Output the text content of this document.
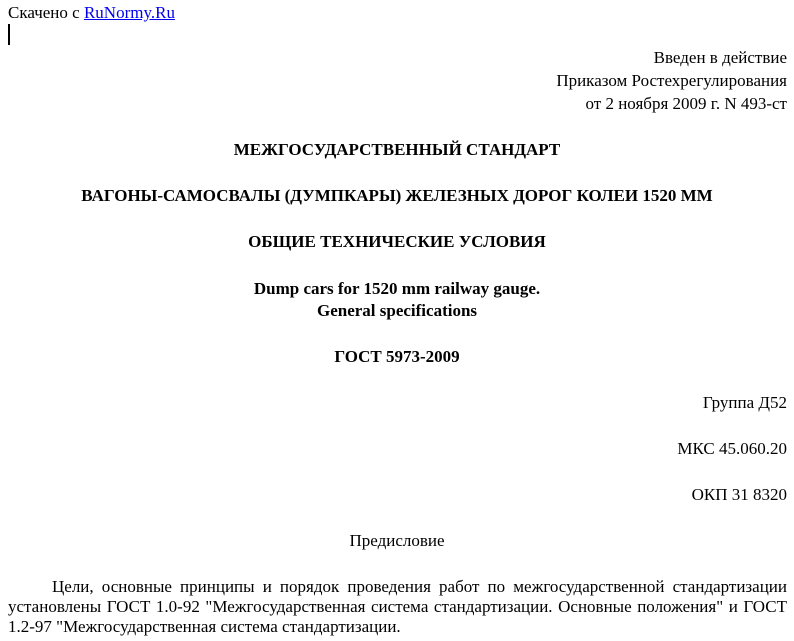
Скачено с RuNormy.Ru
Введен в действие
Приказом Ростехрегулирования
от 2 ноября 2009 г. N 493-ст
МЕЖГОСУДАРСТВЕННЫЙ СТАНДАРТ
ВАГОНЫ-САМОСВАЛЫ (ДУМПКАРЫ) ЖЕЛЕЗНЫХ ДОРОГ КОЛЕИ 1520 ММ
ОБЩИЕ ТЕХНИЧЕСКИЕ УСЛОВИЯ
Dump cars for 1520 mm railway gauge.
General specifications
ГОСТ 5973-2009
Группа Д52
МКС 45.060.20
ОКП 31 8320
Предисловие
Цели, основные принципы и порядок проведения работ по межгосударственной стандартизации установлены ГОСТ 1.0-92 "Межгосударственная система стандартизации. Основные положения" и ГОСТ 1.2-97 "Межгосударственная система стандартизации.
